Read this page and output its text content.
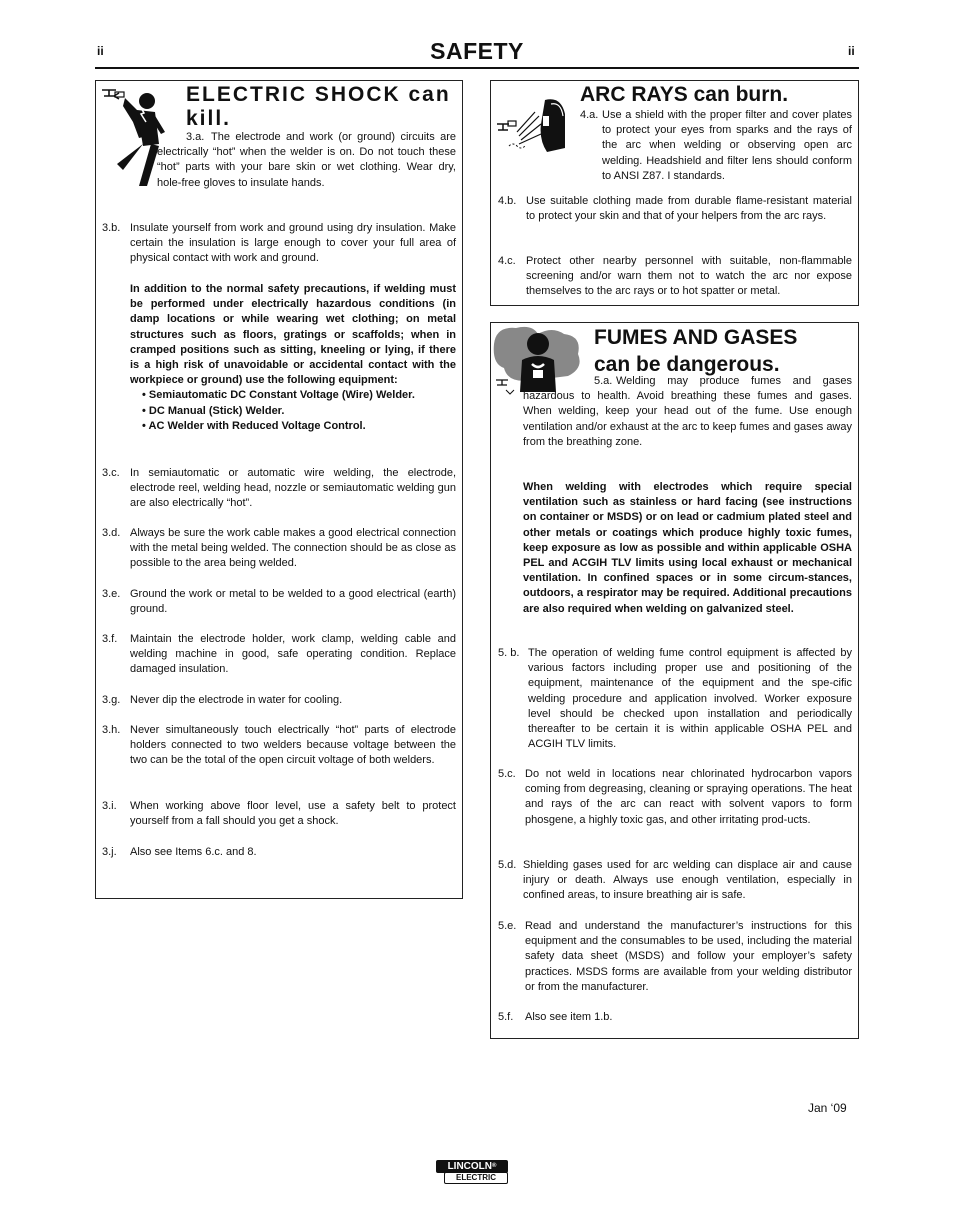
ii	SAFETY	ii
ELECTRIC SHOCK can kill.
3.a. The electrode and work (or ground) circuits are electrically “hot” when the welder is on. Do not touch these “hot” parts with your bare skin or wet clothing. Wear dry, hole-free gloves to insulate hands.
3.b. Insulate yourself from work and ground using dry insulation. Make certain the insulation is large enough to cover your full area of physical contact with work and ground.
In addition to the normal safety precautions, if welding must be performed under electrically hazardous conditions (in damp locations or while wearing wet clothing; on metal structures such as floors, gratings or scaffolds; when in cramped positions such as sitting, kneeling or lying, if there is a high risk of unavoidable or accidental contact with the workpiece or ground) use the following equipment:
• Semiautomatic DC Constant Voltage (Wire) Welder.
• DC Manual (Stick) Welder.
• AC Welder with Reduced Voltage Control.
3.c. In semiautomatic or automatic wire welding, the electrode, electrode reel, welding head, nozzle or semiautomatic welding gun are also electrically “hot”.
3.d. Always be sure the work cable makes a good electrical connection with the metal being welded. The connection should be as close as possible to the area being welded.
3.e. Ground the work or metal to be welded to a good electrical (earth) ground.
3.f. Maintain the electrode holder, work clamp, welding cable and welding machine in good, safe operating condition. Replace damaged insulation.
3.g. Never dip the electrode in water for cooling.
3.h. Never simultaneously touch electrically “hot” parts of electrode holders connected to two welders because voltage between the two can be the total of the open circuit voltage of both welders.
3.i. When working above floor level, use a safety belt to protect yourself from a fall should you get a shock.
3.j. Also see Items 6.c. and 8.
ARC RAYS can burn.
4.a. Use a shield with the proper filter and cover plates to protect your eyes from sparks and the rays of the arc when welding or observing open arc welding. Headshield and filter lens should conform to ANSI Z87. I standards.
4.b. Use suitable clothing made from durable flame-resistant material to protect your skin and that of your helpers from the arc rays.
4.c. Protect other nearby personnel with suitable, non-flammable screening and/or warn them not to watch the arc nor expose themselves to the arc rays or to hot spatter or metal.
FUMES AND GASES
can be dangerous.
5.a. Welding may produce fumes and gases hazardous to health. Avoid breathing these fumes and gases. When welding, keep your head out of the fume. Use enough ventilation and/or exhaust at the arc to keep fumes and gases away from the breathing zone.
When welding with electrodes which require special ventilation such as stainless or hard facing (see instructions on container or MSDS) or on lead or cadmium plated steel and other metals or coatings which produce highly toxic fumes, keep exposure as low as possible and within applicable OSHA PEL and ACGIH TLV limits using local exhaust or mechanical ventilation. In confined spaces or in some circum-stances, outdoors, a respirator may be required. Additional precautions are also required when welding on galvanized steel.
5. b. The operation of welding fume control equipment is affected by various factors including proper use and positioning of the equipment, maintenance of the equipment and the spe-cific welding procedure and application involved. Worker exposure level should be checked upon installation and periodically thereafter to be certain it is within applicable OSHA PEL and ACGIH TLV limits.
5.c. Do not weld in locations near chlorinated hydrocarbon vapors coming from degreasing, cleaning or spraying operations. The heat and rays of the arc can react with solvent vapors to form phosgene, a highly toxic gas, and other irritating prod-ucts.
5.d. Shielding gases used for arc welding can displace air and cause injury or death. Always use enough ventilation, especially in confined areas, to insure breathing air is safe.
5.e. Read and understand the manufacturer’s instructions for this equipment and the consumables to be used, including the material safety data sheet (MSDS) and follow your employer’s safety practices. MSDS forms are available from your welding distributor or from the manufacturer.
5.f. Also see item 1.b.
Jan ‘09
LINCOLN®
ELECTRIC
